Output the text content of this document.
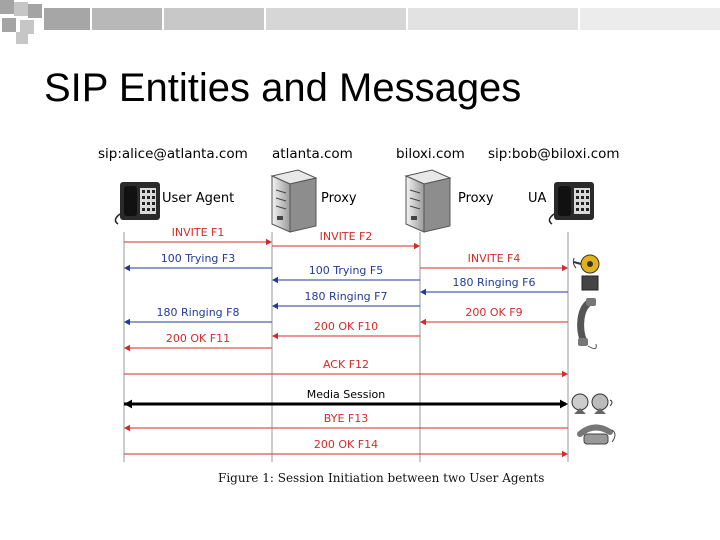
SIP Entities and Messages
sip:alice@atlanta.com atlanta.com	biloxi.com sip:bob@biloxi.com
User Agent	Proxy	Proxy	UA
INVITE F1	INVITE F2
100 Trying F3	INVITE F4
100 Trying F5
180 Ringing F6
180 Ringing F7
180 Ringing F8	200 OK F9
200 OK F10
200 OK F11
ACK F12
Media Session
BYE F13
200 OK F14
Figure 1: Session Initiation between two User Agents
